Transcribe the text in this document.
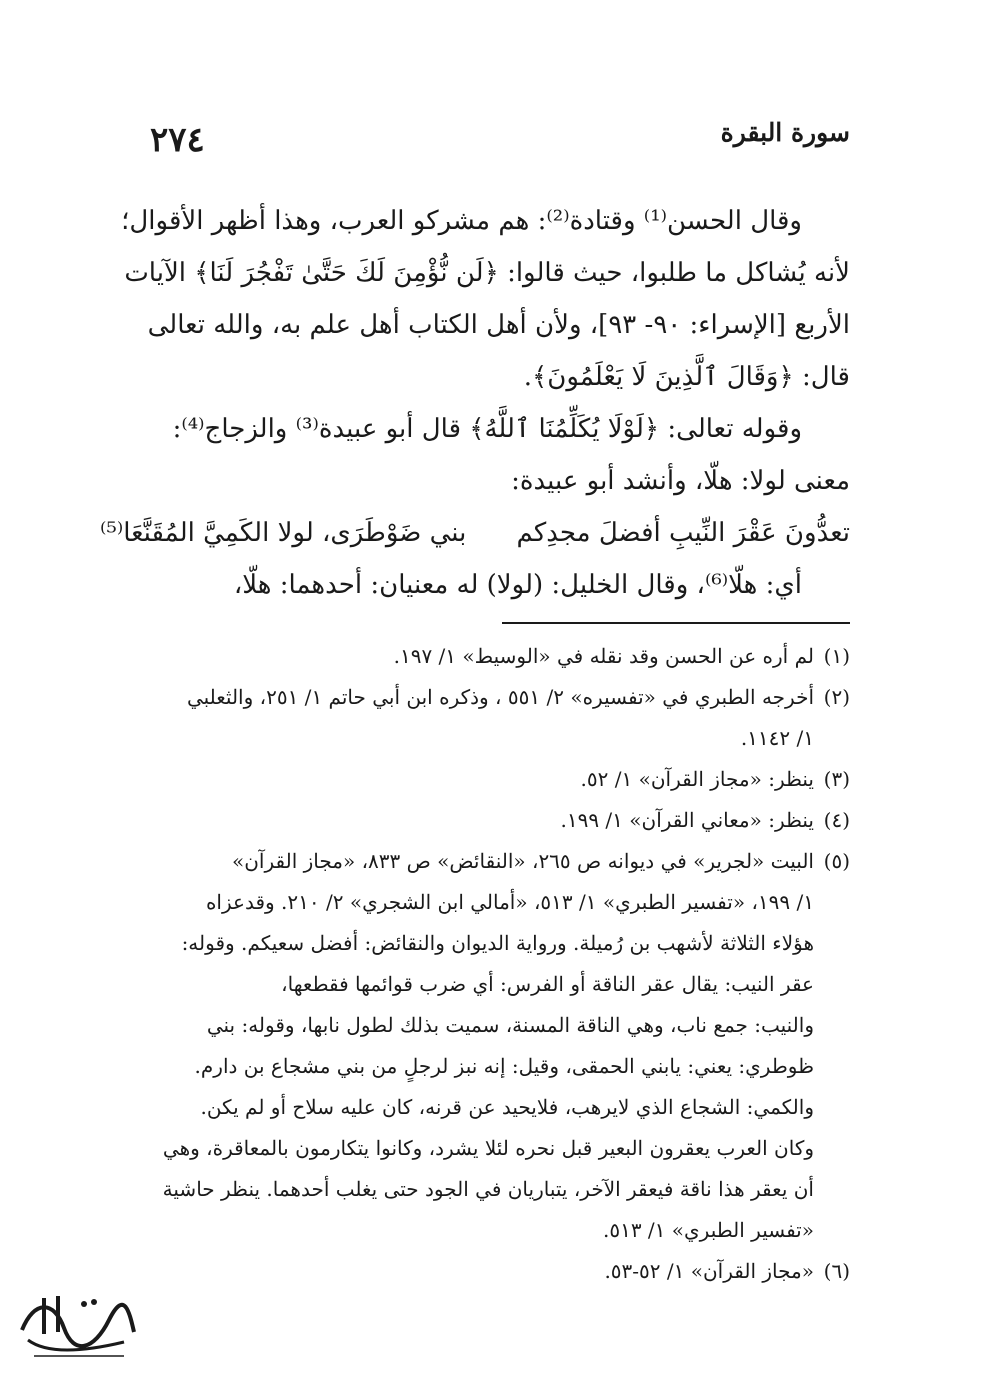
٢٧٤	سورة البقرة
وقال الحسن⁽¹⁾ وقتادة⁽²⁾: هم مشركو العرب، وهذا أظهر الأقوال؛
لأنه يُشاكل ما طلبوا، حيث قالوا: ﴿لَن نُّؤْمِنَ لَكَ حَتَّىٰ تَفْجُرَ لَنَا﴾ الآيات
الأربع [الإسراء: ٩٠- ٩٣]، ولأن أهل الكتاب أهل علم به، والله تعالى
قال: ﴿وَقَالَ ٱلَّذِينَ لَا يَعْلَمُونَ﴾.
وقوله تعالى: ﴿لَوْلَا يُكَلِّمُنَا ٱللَّهُ﴾ قال أبو عبيدة⁽³⁾ والزجاج⁽⁴⁾:
معنى لولا: هلّا، وأنشد أبو عبيدة:
تعدُّونَ عَقْرَ النِّيبِ أفضلَ مجدِكم
بني ضَوْطَرَى، لولا الكَمِيَّ المُقَنَّعَا⁽⁵⁾
أي: هلّا⁽⁶⁾، وقال الخليل: (لولا) له معنيان: أحدهما: هلّا،
(١)
لم أره عن الحسن وقد نقله في «الوسيط» ١/ ١٩٧.
(٢)
أخرجه الطبري في «تفسيره» ٢/ ٥٥١ ، وذكره ابن أبي حاتم ١/ ٢٥١، والثعلبي
١/ ١١٤٢.
(٣)
ينظر: «مجاز القرآن» ١/ ٥٢.
(٤)
ينظر: «معاني القرآن» ١/ ١٩٩.
(٥)
البيت «لجرير» في ديوانه ص ٢٦٥، «النقائض» ص ٨٣٣، «مجاز القرآن»
١/ ١٩٩، «تفسير الطبري» ١/ ٥١٣، «أمالي ابن الشجري» ٢/ ٢١٠. وقدعزاه
هؤلاء الثلاثة لأشهب بن رُميلة. ورواية الديوان والنقائض: أفضل سعيكم. وقوله:
عقر النيب: يقال عقر الناقة أو الفرس: أي ضرب قوائمها فقطعها،
والنيب: جمع ناب، وهي الناقة المسنة، سميت بذلك لطول نابها، وقوله: بني
ظوطري: يعني: يابني الحمقى، وقيل: إنه نبز لرجلٍ من بني مشجاع بن دارم.
والكمي: الشجاع الذي لايرهب، فلايحيد عن قرنه، كان عليه سلاح أو لم يكن.
وكان العرب يعقرون البعير قبل نحره لئلا يشرد، وكانوا يتكارمون بالمعاقرة، وهي
أن يعقر هذا ناقة فيعقر الآخر، يتباريان في الجود حتى يغلب أحدهما. ينظر حاشية
«تفسير الطبري» ١/ ٥١٣.
(٦)
«مجاز القرآن» ١/ ٥٢-٥٣.
